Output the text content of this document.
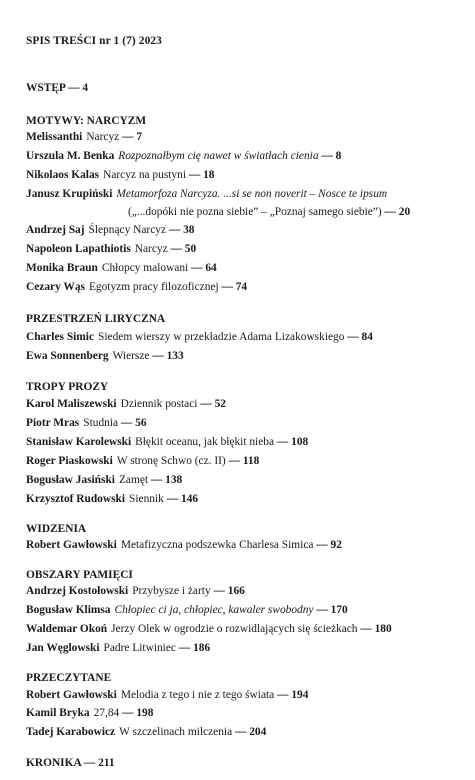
SPIS TREŚCI nr 1 (7) 2023
WSTĘP — 4
MOTYWY: NARCYZM
Melissanthi Narcyz — 7
Urszula M. Benka Rozpoznałbym cię nawet w światłach cienia — 8
Nikolaos Kalas Narcyz na pustyni — 18
Janusz Krupiński Metamorfoza Narcyza. ...si se non noverit – Nosce te ipsum
(„...dopóki nie pozna siebie” – „Poznaj samego siebie”) — 20
Andrzej Saj Ślepnący Narcyz — 38
Napoleon Lapathiotis Narcyz — 50
Monika Braun Chłopcy malowani — 64
Cezary Wąs Egotyzm pracy filozoficznej — 74
PRZESTRZEŃ LIRYCZNA
Charles Simic Siedem wierszy w przekładzie Adama Lizakowskiego — 84
Ewa Sonnenberg Wiersze — 133
TROPY PROZY
Karol Maliszewski Dziennik postaci — 52
Piotr Mras Studnia — 56
Stanisław Karolewski Błękit oceanu, jak błękit nieba — 108
Roger Piaskowski W stronę Schwo (cz. II) — 118
Bogusław Jasiński Zamęt — 138
Krzysztof Rudowski Siennik — 146
WIDZENIA
Robert Gawłowski Metafizyczna podszewka Charlesa Simica — 92
OBSZARY PAMIĘCI
Andrzej Kostołowski Przybysze i żarty — 166
Bogusław Klimsa Chłopiec ci ja, chłopiec, kawaler swobodny — 170
Waldemar Okoń Jerzy Olek w ogrodzie o rozwidlających się ścieżkach — 180
Jan Węglowski Padre Litwiniec — 186
PRZECZYTANE
Robert Gawłowski Melodia z tego i nie z tego świata — 194
Kamil Bryka 27,84 — 198
Tadej Karabowicz W szczelinach milczenia — 204
KRONIKA — 211
